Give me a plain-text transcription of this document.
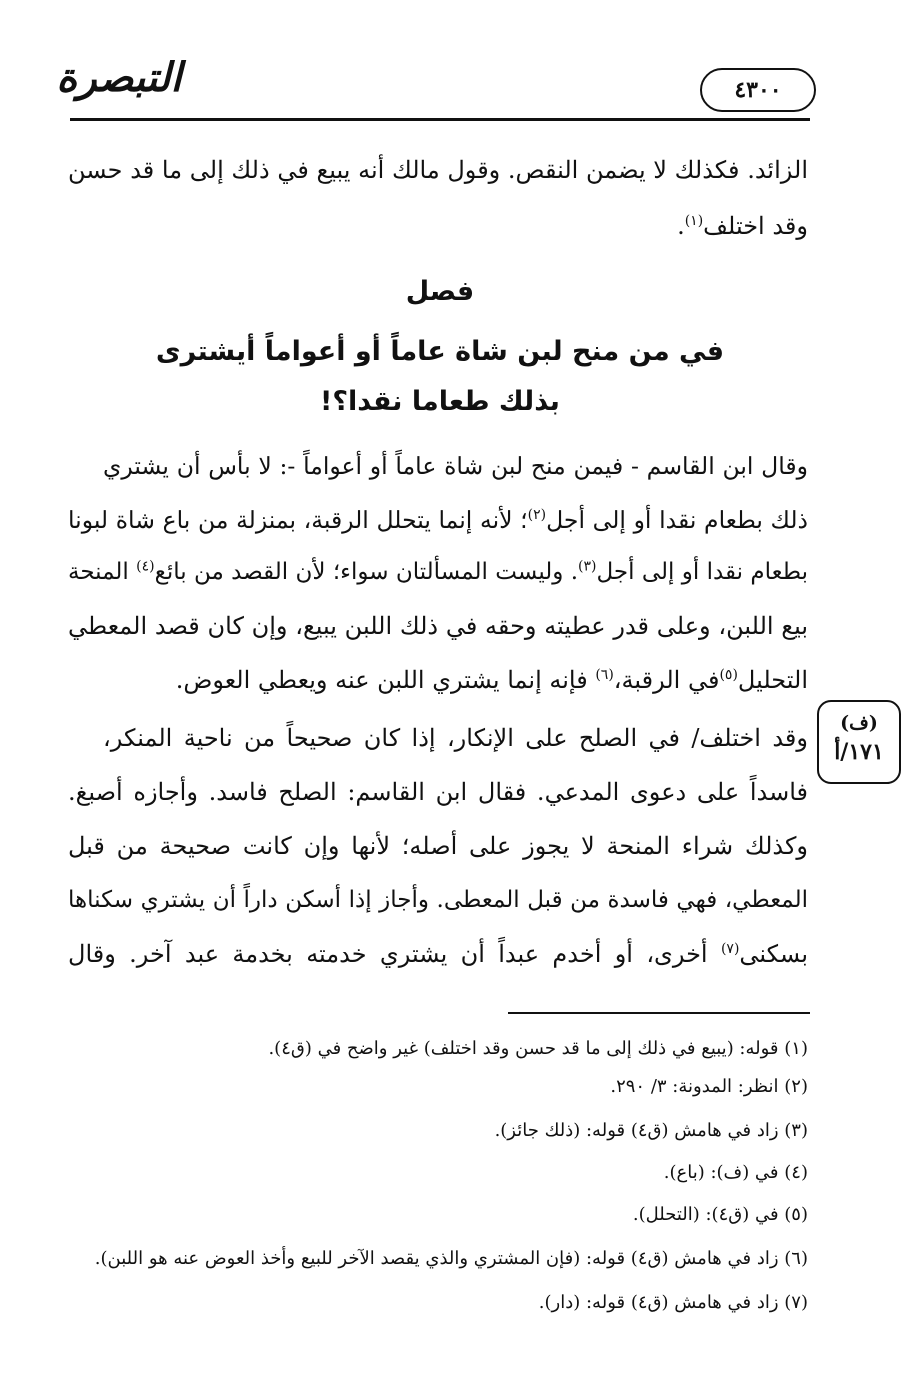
٤٣٠٠
التبصرة
الزائد. فكذلك لا يضمن النقص. وقول مالك أنه يبيع في ذلك إلى ما قد حسن
وقد اختلف$^{(١)}$.
فصل
في من منح لبن شاة عاماً أو أعواماً أيشترى
بذلك طعاما نقدا؟!
وقال ابن القاسم - فيمن منح لبن شاة عاماً أو أعواماً -: لا بأس أن يشتري
ذلك بطعام نقدا أو إلى أجل$^{(٢)}$؛ لأنه إنما يتحلل الرقبة، بمنزلة من باع شاة لبونا
بطعام نقدا أو إلى أجل$^{(٣)}$. وليست المسألتان سواء؛ لأن القصد من بائع$^{(٤)}$ المنحة
بيع اللبن، وعلى قدر عطيته وحقه في ذلك اللبن يبيع، وإن كان قصد المعطي
التحليل$^{(٥)}$في الرقبة،$^{(٦)}$ فإنه إنما يشتري اللبن عنه ويعطي العوض.
(ف)
١٧١/أ
وقد اختلف/ في الصلح على الإنكار، إذا كان صحيحاً من ناحية المنكر،
فاسداً على دعوى المدعي. فقال ابن القاسم: الصلح فاسد. وأجازه أصبغ.
وكذلك شراء المنحة لا يجوز على أصله؛ لأنها وإن كانت صحيحة من قبل
المعطي، فهي فاسدة من قبل المعطى. وأجاز إذا أسكن داراً أن يشتري سكناها
بسكنى$^{(٧)}$ أخرى، أو أخدم عبداً أن يشتري خدمته بخدمة عبد آخر. وقال
(١) قوله: (يبيع في ذلك إلى ما قد حسن وقد اختلف) غير واضح في (ق٤).
(٢) انظر: المدونة: ٣/ ٢٩٠.
(٣) زاد في هامش (ق٤) قوله: (ذلك جائز).
(٤) في (ف): (باع).
(٥) في (ق٤): (التحلل).
(٦) زاد في هامش (ق٤) قوله: (فإن المشتري والذي يقصد الآخر للبيع وأخذ العوض عنه هو اللبن).
(٧) زاد في هامش (ق٤) قوله: (دار).
